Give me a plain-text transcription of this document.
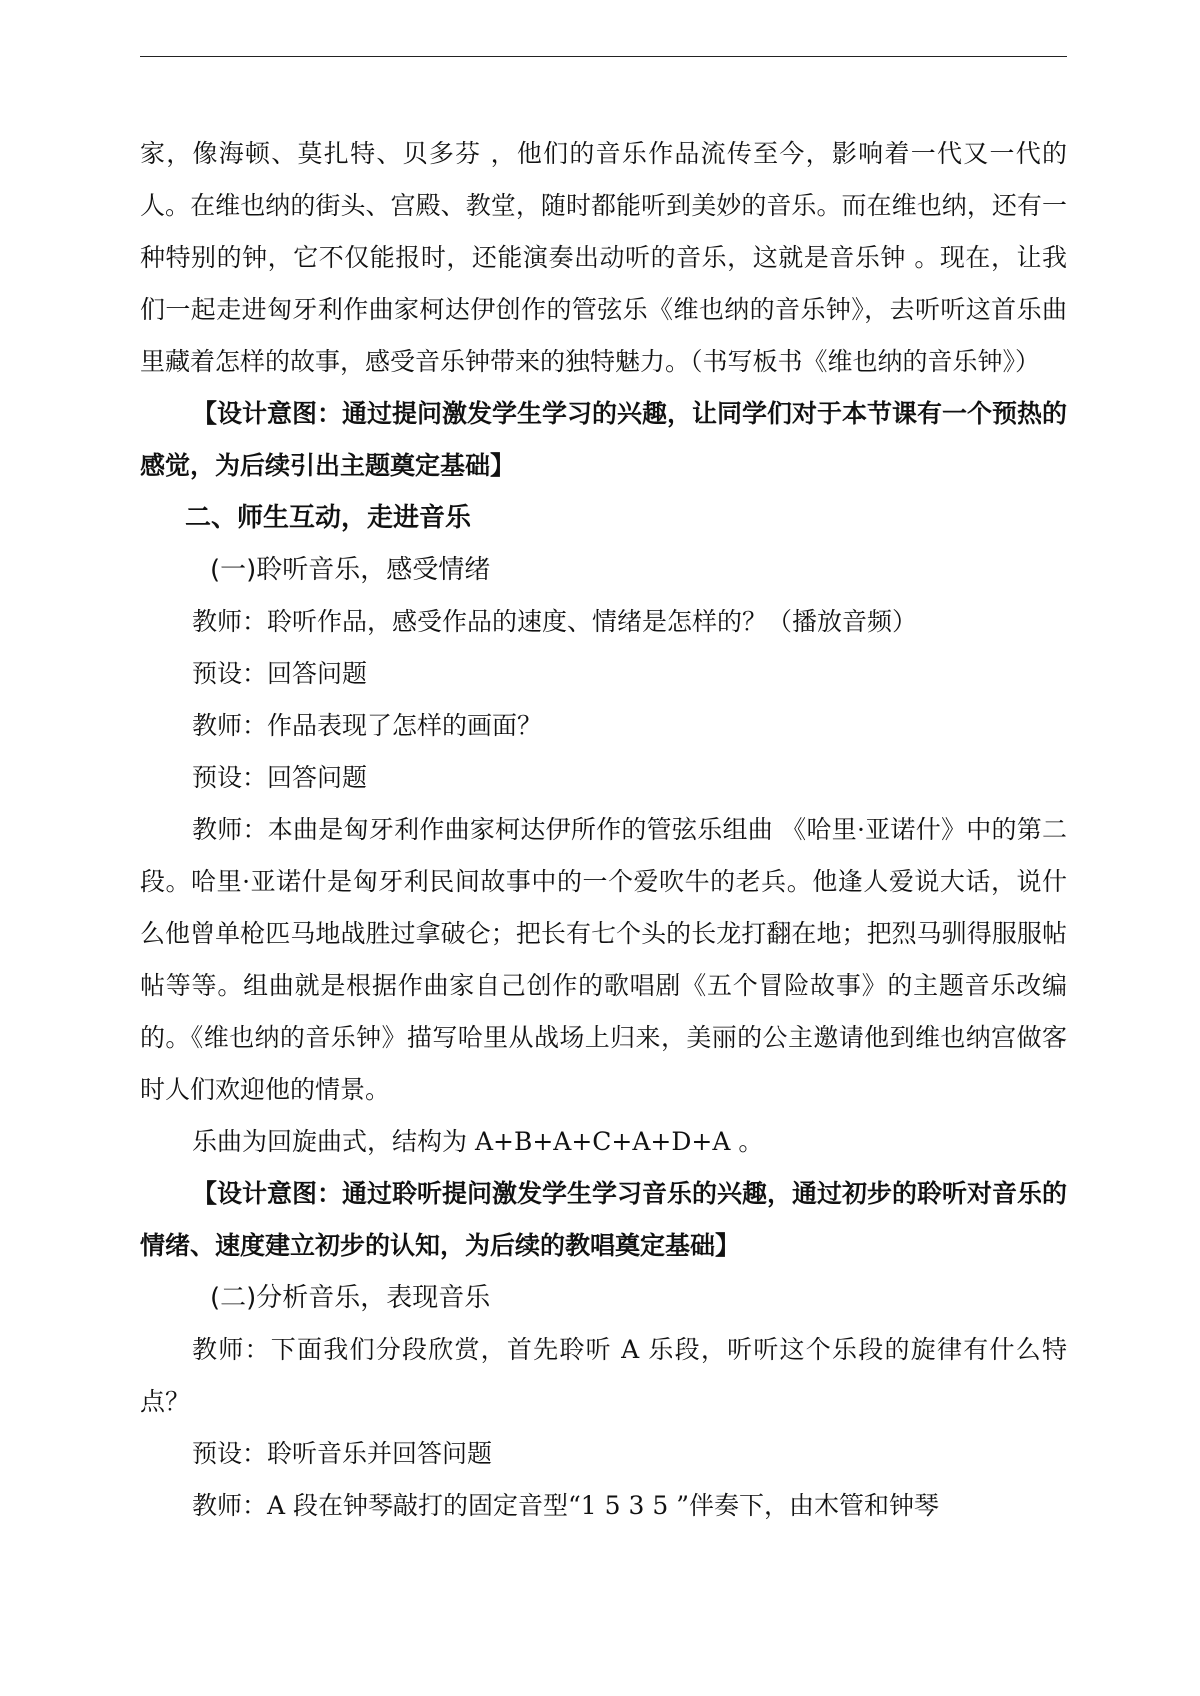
家，像海顿、莫扎特、贝多芬 ，他们的音乐作品流传至今，影响着一代又一代的人。在维也纳的街头、宫殿、教堂，随时都能听到美妙的音乐。而在维也纳，还有一种特别的钟，它不仅能报时，还能演奏出动听的音乐，这就是音乐钟 。现在，让我们一起走进匈牙利作曲家柯达伊创作的管弦乐《维也纳的音乐钟》，去听听这首乐曲里藏着怎样的故事，感受音乐钟带来的独特魅力。（书写板书《维也纳的音乐钟》）

【设计意图：通过提问激发学生学习的兴趣，让同学们对于本节课有一个预热的感觉，为后续引出主题奠定基础】

二、师生互动，走进音乐

(一)聆听音乐，感受情绪

教师：聆听作品，感受作品的速度、情绪是怎样的？（播放音频）

预设：回答问题

教师：作品表现了怎样的画面？

预设：回答问题

教师：本曲是匈牙利作曲家柯达伊所作的管弦乐组曲 《哈里·亚诺什》中的第二段。哈里·亚诺什是匈牙利民间故事中的一个爱吹牛的老兵。他逢人爱说大话，说什么他曾单枪匹马地战胜过拿破仑；把长有七个头的长龙打翻在地；把烈马驯得服服帖帖等等。组曲就是根据作曲家自己创作的歌唱剧《五个冒险故事》的主题音乐改编的。《维也纳的音乐钟》描写哈里从战场上归来，美丽的公主邀请他到维也纳宫做客时人们欢迎他的情景。

乐曲为回旋曲式，结构为 A+B+A+C+A+D+A 。

【设计意图：通过聆听提问激发学生学习音乐的兴趣，通过初步的聆听对音乐的情绪、速度建立初步的认知，为后续的教唱奠定基础】

(二)分析音乐，表现音乐

教师：下面我们分段欣赏，首先聆听 A 乐段，听听这个乐段的旋律有什么特点？

预设：聆听音乐并回答问题

教师：A 段在钟琴敲打的固定音型“1 5 3 5 ”伴奏下，由木管和钟琴
